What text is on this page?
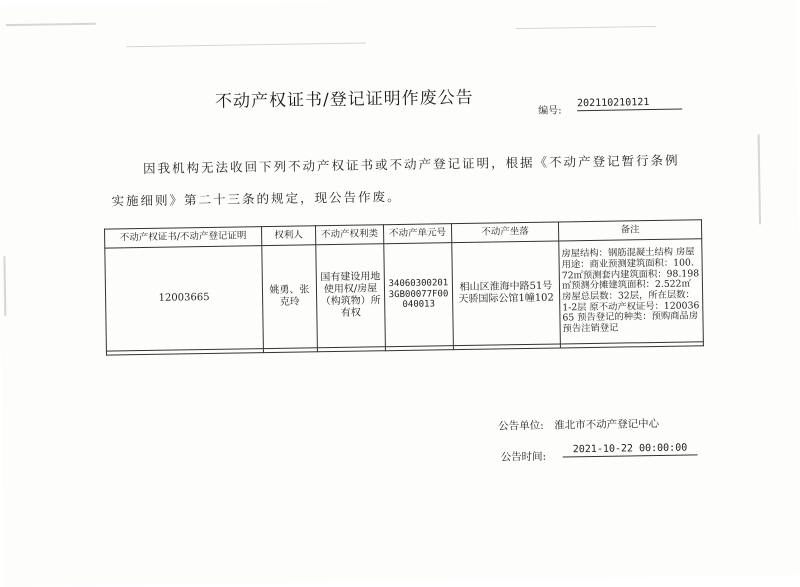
不动产权证书/登记证明作废公告	编号:
202110210121
因我机构无法收回下列不动产权证书或不动产登记证明，根据《不动产登记暂行条例
实施细则》第二十三条的规定，现公告作废。
不动产权证书/不动产登记证明	权利人	不动产权利类	不动产单元号	不动产坐落	备注
12003665	姚勇、张克玲	国有建设用地使用权/房屋（构筑物）所有权	340603002013GB00077F00040013	相山区淮海中路51号天骄国际公馆1幢102	房屋结构：钢筋混凝土结构 房屋用途：商业预测建筑面积：100.72㎡预测套内建筑面积：98.198㎡预测分摊建筑面积：2.522㎡房屋总层数：32层，所在层数：1-2层 原不动产权证号：12003665 预告登记的种类：预购商品房预告注销登记

公告单位: 淮北市不动产登记中心
公告时间:
2021-10-22 00:00:00
